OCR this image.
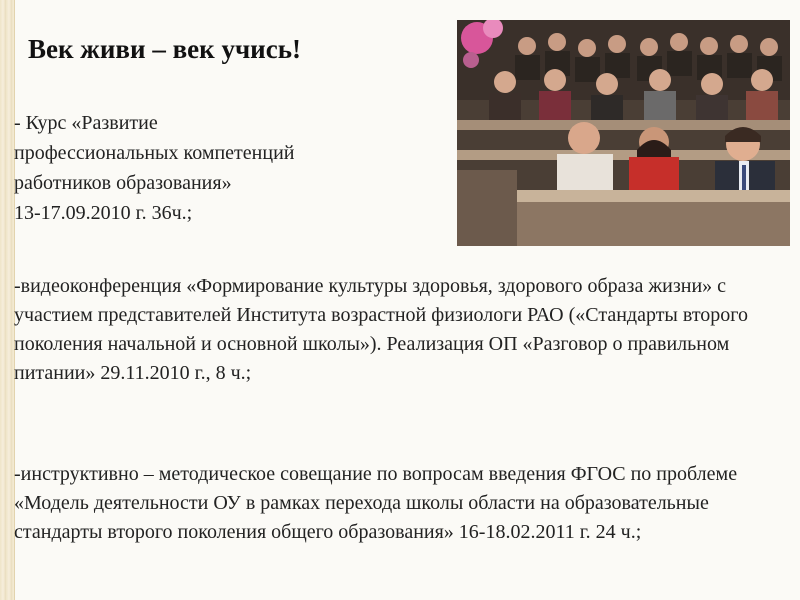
Век живи – век учись!
- Курс «Развитие
профессиональных компетенций
работников образования»
13-17.09.2010 г. 36ч.;
-видеоконференция «Формирование культуры здоровья, здорового образа жизни» с участием представителей Института возрастной физиологи РАО («Стандарты второго поколения начальной и основной школы»). Реализация ОП «Разговор о правильном питании» 29.11.2010 г., 8 ч.;
-инструктивно – методическое совещание по вопросам введения ФГОС по проблеме «Модель деятельности ОУ в рамках перехода школы области на образовательные стандарты второго поколения общего образования» 16-18.02.2011 г. 24 ч.;
